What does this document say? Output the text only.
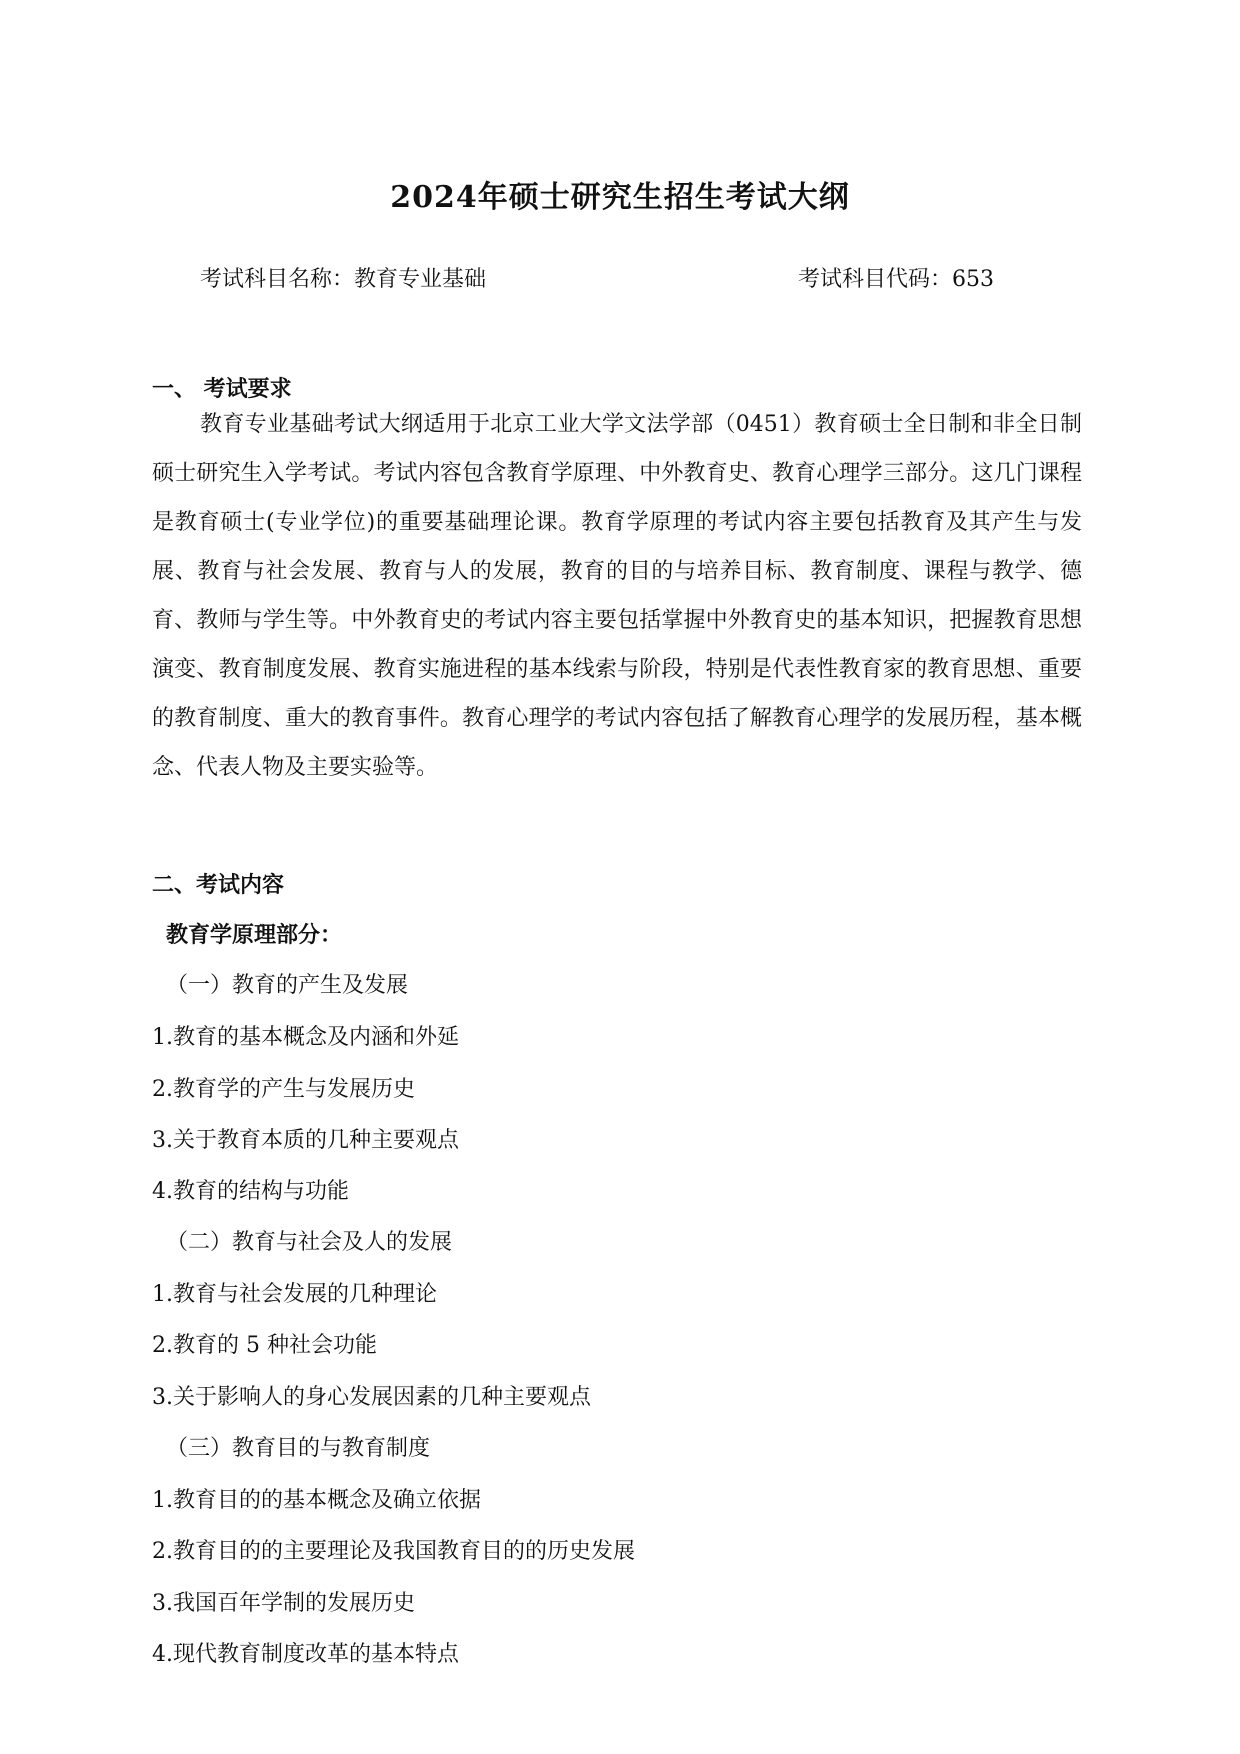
2024年硕士研究生招生考试大纲
考试科目名称：教育专业基础	考试科目代码：653
一、 考试要求

教育专业基础考试大纲适用于北京工业大学文法学部（0451）教育硕士全日制和非全日制硕士研究生入学考试。考试内容包含教育学原理、中外教育史、教育心理学三部分。这几门课程是教育硕士(专业学位)的重要基础理论课。教育学原理的考试内容主要包括教育及其产生与发展、教育与社会发展、教育与人的发展，教育的目的与培养目标、教育制度、课程与教学、德育、教师与学生等。中外教育史的考试内容主要包括掌握中外教育史的基本知识，把握教育思想演变、教育制度发展、教育实施进程的基本线索与阶段，特别是代表性教育家的教育思想、重要的教育制度、重大的教育事件。教育心理学的考试内容包括了解教育心理学的发展历程，基本概念、代表人物及主要实验等。

二、考试内容
教育学原理部分：
（一）教育的产生及发展
1.教育的基本概念及内涵和外延
2.教育学的产生与发展历史
3.关于教育本质的几种主要观点
4.教育的结构与功能
（二）教育与社会及人的发展
1.教育与社会发展的几种理论
2.教育的 5 种社会功能
3.关于影响人的身心发展因素的几种主要观点
（三）教育目的与教育制度
1.教育目的的基本概念及确立依据
2.教育目的的主要理论及我国教育目的的历史发展
3.我国百年学制的发展历史
4.现代教育制度改革的基本特点
